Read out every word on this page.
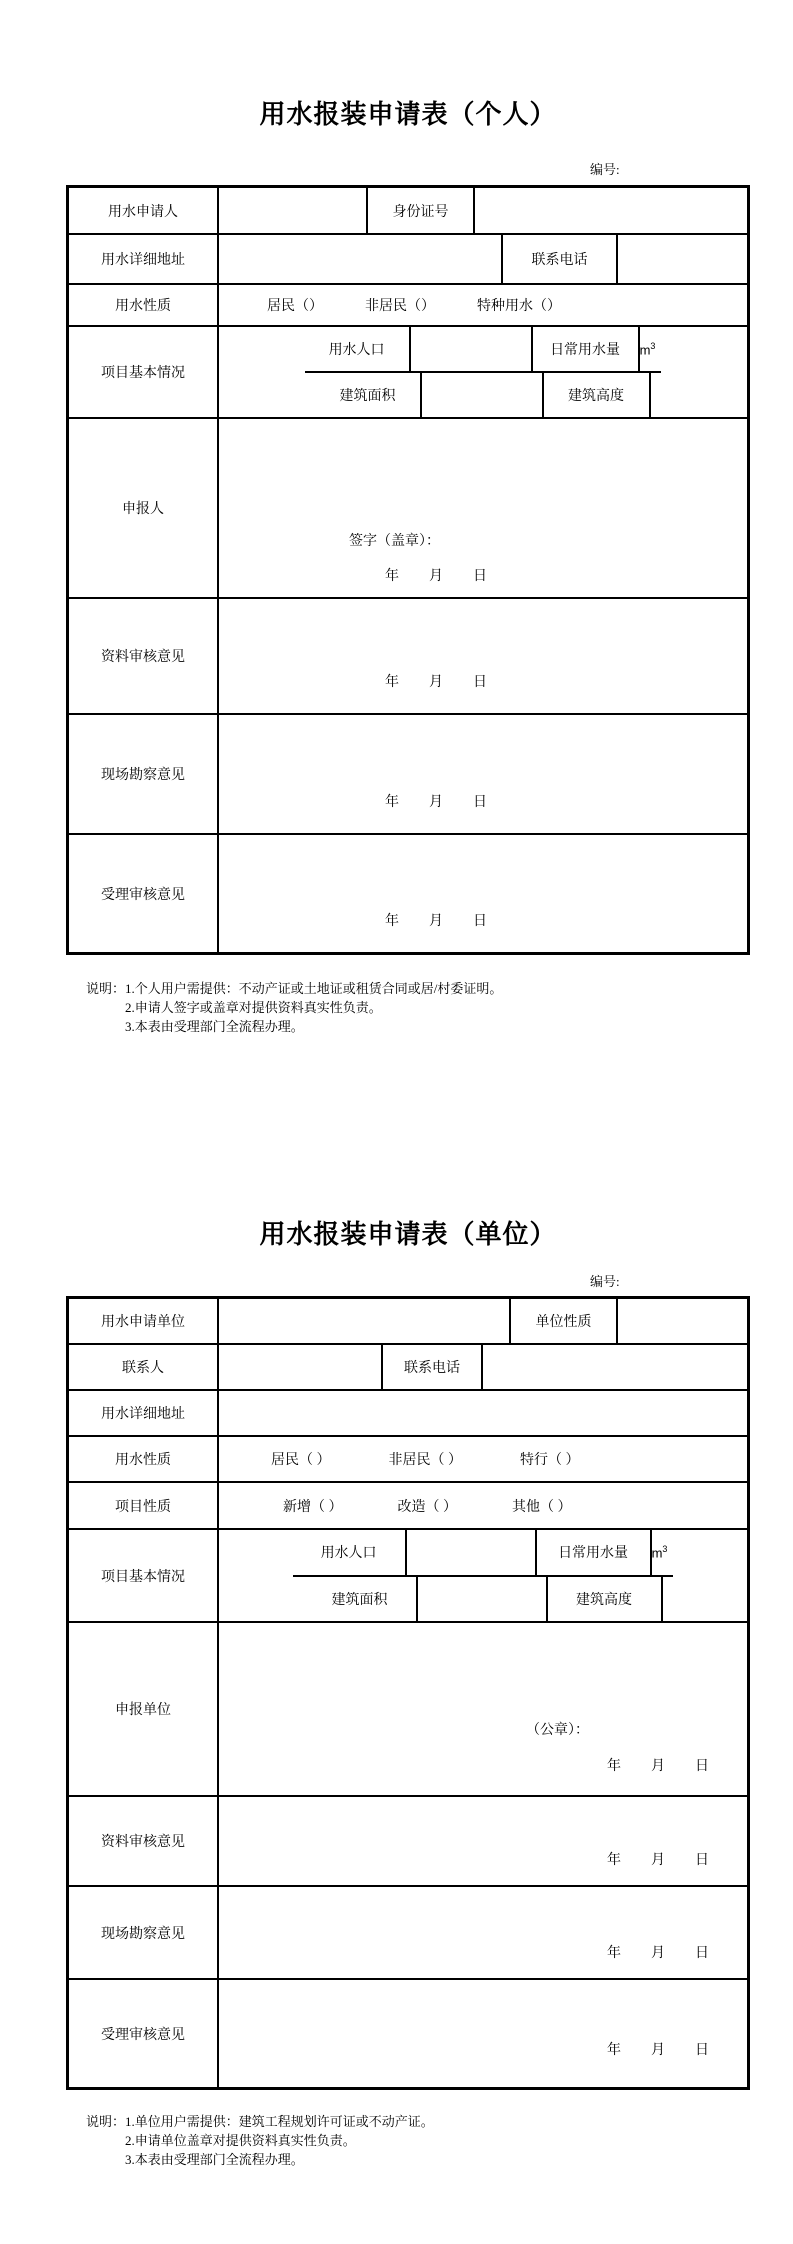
用水报装申请表（个人）
编号:
用水申请人	身份证号
用水详细地址	联系电话
用水性质	居民（）	非居民（）	特种用水（）
项目基本情况
用水人口	日常用水量	$m^3$
建筑面积	建筑高度
申报人
签字（盖章）：
年 月 日
资料审核意见
年 月 日
现场勘察意见
年 月 日
受理审核意见
年 月 日
说明： 1.个人用户需提供：不动产证或土地证或租赁合同或居/村委证明。
2.申请人签字或盖章对提供资料真实性负责。
3.本表由受理部门全流程办理。
用水报装申请表（单位）
编号:
用水申请单位	单位性质
联系人	联系电话
用水详细地址
用水性质	居民（ ）	非居民（ ）	特行（ ）
项目性质	新增（ ）	改造（ ）	其他（ ）
项目基本情况
用水人口	日常用水量	$m^3$
建筑面积	建筑高度
申报单位
（公章）：
年 月 日
资料审核意见
年 月 日
现场勘察意见
年 月 日
受理审核意见
年 月 日
说明： 1.单位用户需提供：建筑工程规划许可证或不动产证。
2.申请单位盖章对提供资料真实性负责。
3.本表由受理部门全流程办理。
